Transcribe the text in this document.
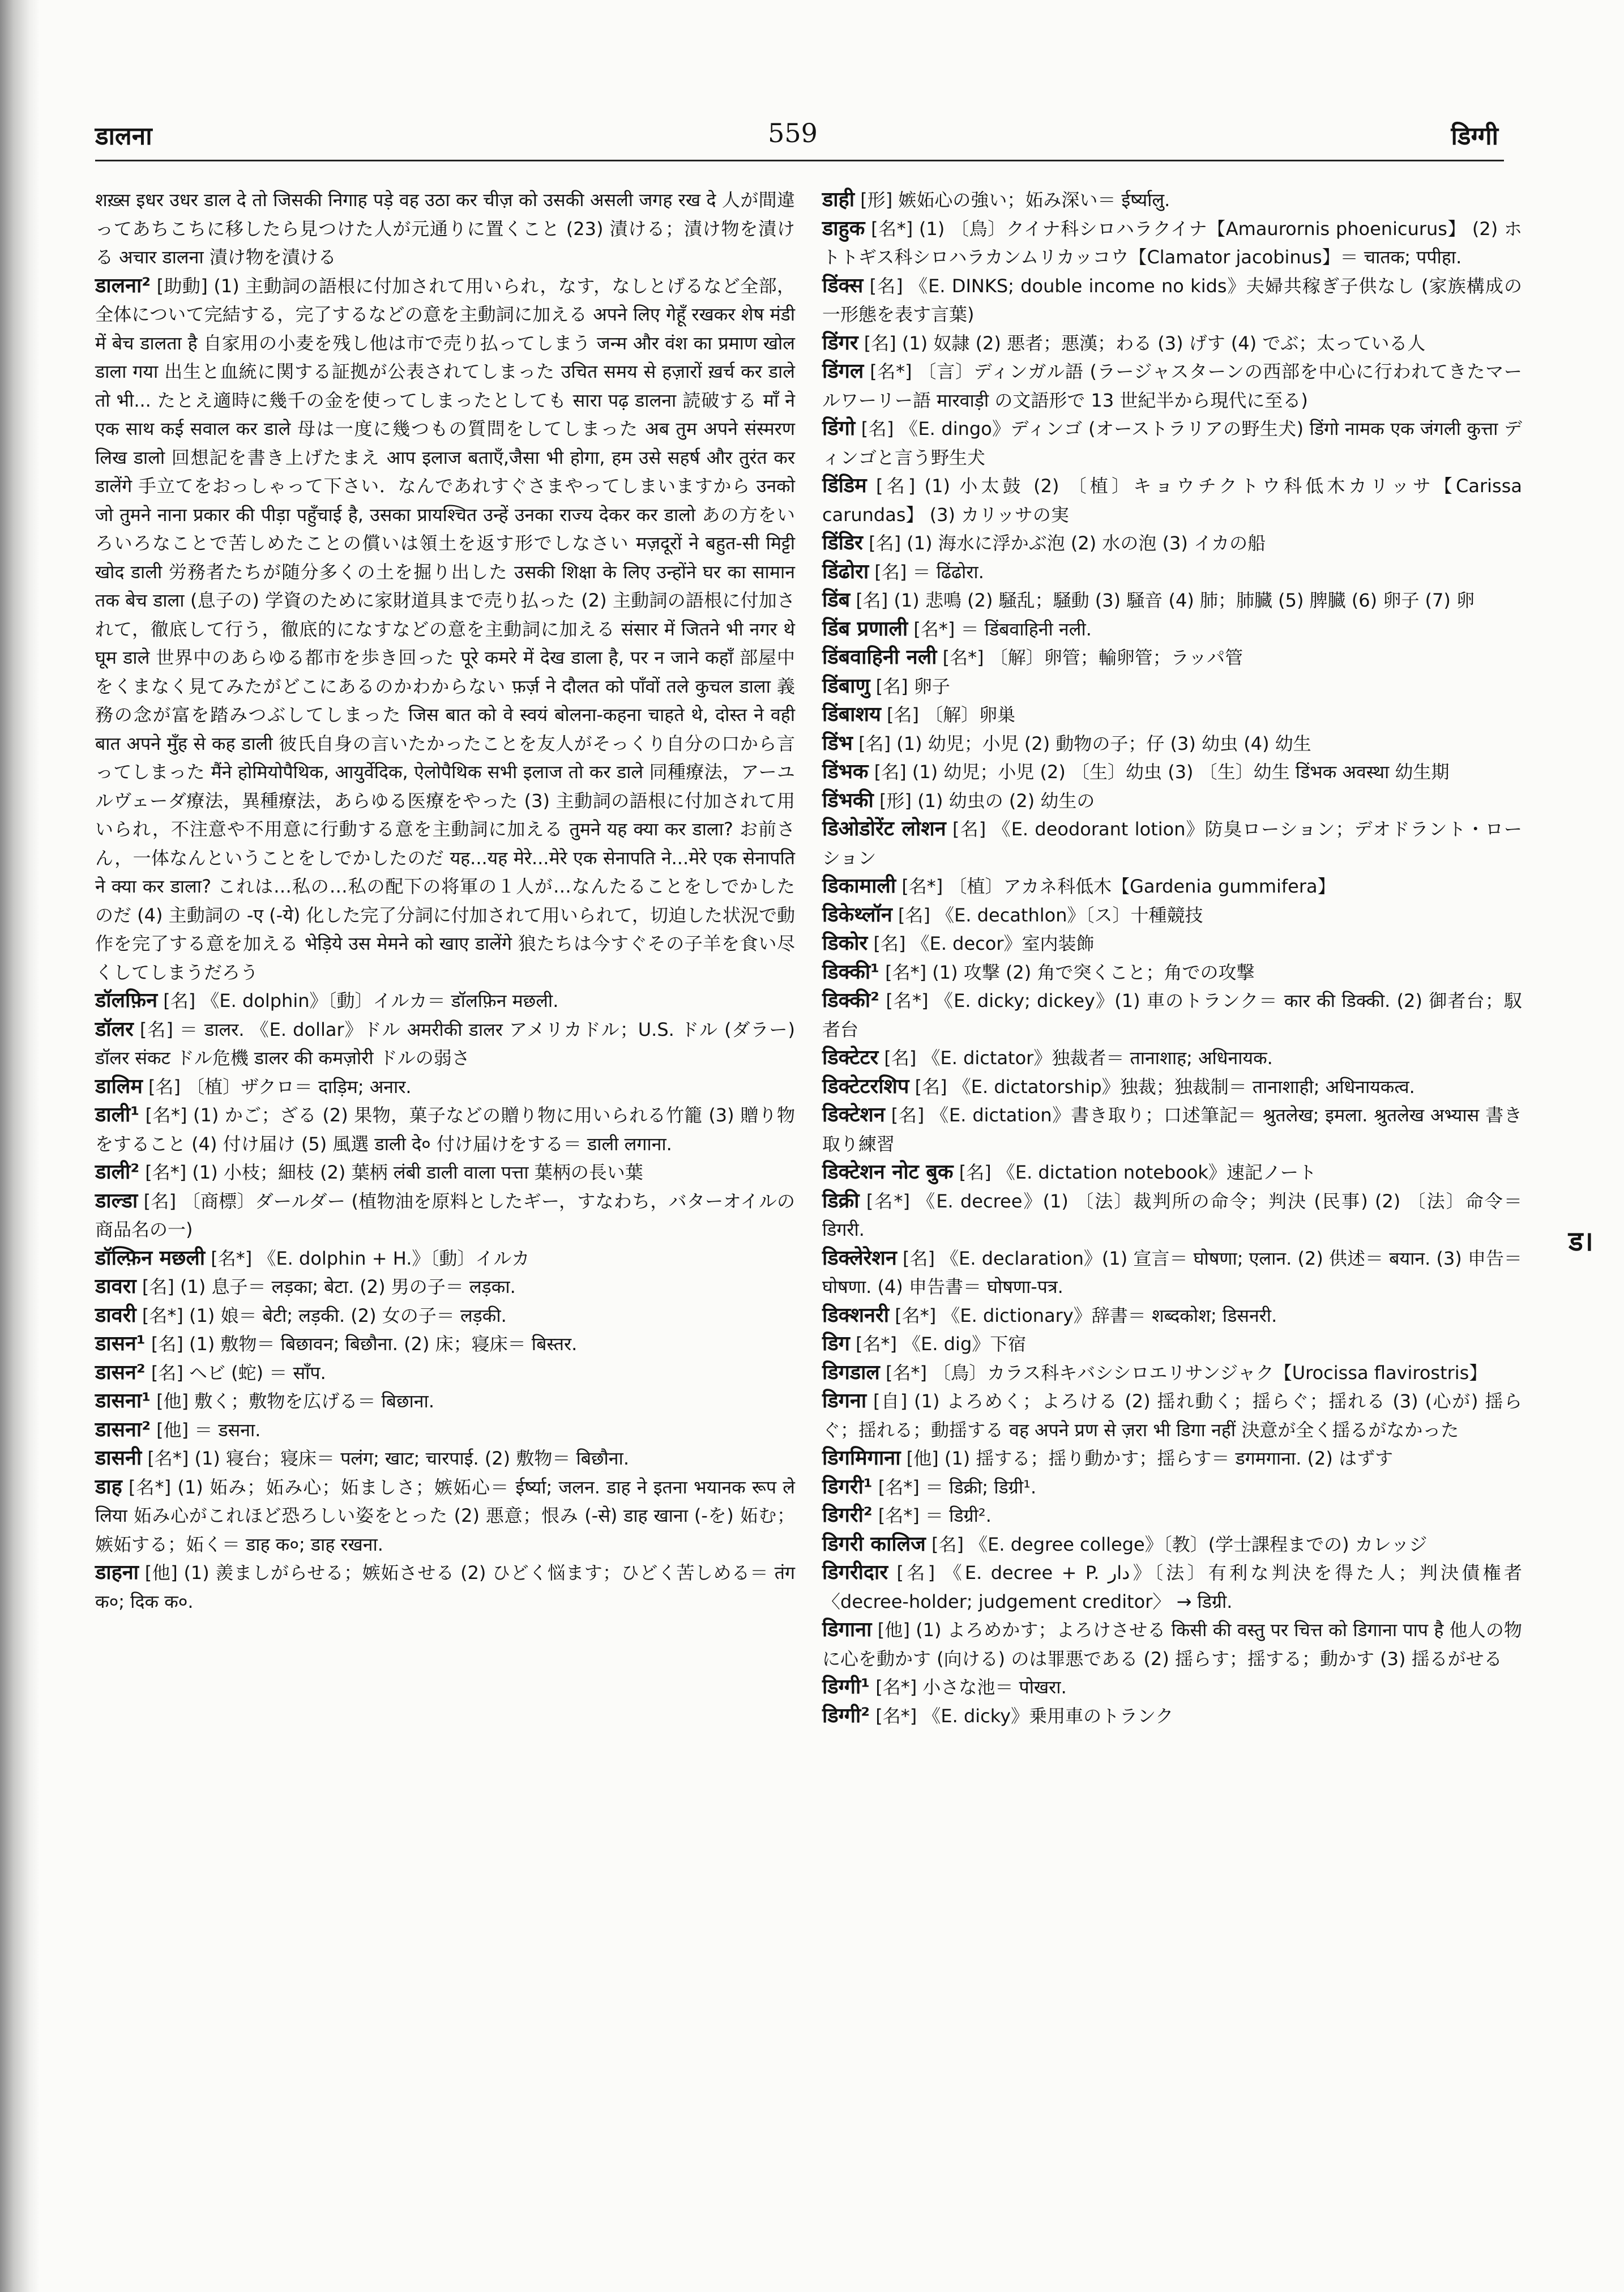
डालना	559	डिग्गी

शख़्स इधर उधर डाल दे तो जिसकी निगाह पड़े वह उठा कर चीज़ को उसकी असली जगह रख दे 人が間違ってあちこちに移したら見つけた人が元通りに置くこと (23) 漬ける；漬け物を漬ける अचार डालना 漬け物を漬ける

डालना² [助動] (1) 主動詞の語根に付加されて用いられ，なす，なしとげるなど全部，全体について完結する，完了するなどの意を主動詞に加える अपने लिए गेहूँ रखकर शेष मंडी में बेच डालता है 自家用の小麦を残し他は市で売り払ってしまう जन्म और वंश का प्रमाण खोल डाला गया 出生と血統に関する証拠が公表されてしまった उचित समय से हज़ारों ख़र्च कर डाले तो भी... たとえ適時に幾千の金を使ってしまったとしても सारा पढ़ डालना 読破する माँ ने एक साथ कई सवाल कर डाले 母は一度に幾つもの質問をしてしまった अब तुम अपने संस्मरण लिख डालो 回想記を書き上げたまえ आप इलाज बताएँ,जैसा भी होगा, हम उसे सहर्ष और तुरंत कर डालेंगे 手立てをおっしゃって下さい．なんであれすぐさまやってしまいますから उनको जो तुमने नाना प्रकार की पीड़ा पहुँचाई है, उसका प्रायश्चित उन्हें उनका राज्य देकर कर डालो あの方をいろいろなことで苦しめたことの償いは領土を返す形でしなさい मज़दूरों ने बहुत-सी मिट्टी खोद डाली 労務者たちが随分多くの土を掘り出した उसकी शिक्षा के लिए उन्होंने घर का सामान तक बेच डाला (息子の) 学資のために家財道具まで売り払った (2) 主動詞の語根に付加されて，徹底して行う，徹底的になすなどの意を主動詞に加える संसार में जितने भी नगर थे घूम डाले 世界中のあらゆる都市を歩き回った पूरे कमरे में देख डाला है, पर न जाने कहाँ 部屋中をくまなく見てみたがどこにあるのかわからない फ़र्ज़ ने दौलत को पाँवों तले कुचल डाला 義務の念が富を踏みつぶしてしまった जिस बात को वे स्वयं बोलना-कहना चाहते थे, दोस्त ने वही बात अपने मुँह से कह डाली 彼氏自身の言いたかったことを友人がそっくり自分の口から言ってしまった मैंने होमियोपैथिक, आयुर्वेदिक, ऐलोपैथिक सभी इलाज तो कर डाले 同種療法，アーユルヴェーダ療法，異種療法，あらゆる医療をやった (3) 主動詞の語根に付加されて用いられ，不注意や不用意に行動する意を主動詞に加える तुमने यह क्या कर डाला? お前さん，一体なんということをしでかしたのだ यह...यह मेरे...मेरे एक सेनापति ने...मेरे एक सेनापति ने क्या कर डाला? これは…私の…私の配下の将軍の１人が…なんたることをしでかしたのだ (4) 主動詞の -ए (-ये) 化した完了分詞に付加されて用いられて，切迫した状況で動作を完了する意を加える भेड़िये उस मेमने को खाए डालेंगे 狼たちは今すぐその子羊を食い尽くしてしまうだろう

डॉलफ़िन [名] 《E. dolphin》〔動〕イルカ＝ डॉलफ़िन मछली.

डॉलर [名] ＝ डालर. 《E. dollar》ドル अमरीकी डालर アメリカドル；U.S. ドル (ダラー) डॉलर संकट ドル危機 डालर की कमज़ोरी ドルの弱さ

डालिम [名] 〔植〕ザクロ＝ दाड़िम; अनार.

डाली¹ [名*] (1) かご；ざる (2) 果物，菓子などの贈り物に用いられる竹籠 (3) 贈り物をすること (4) 付け届け (5) 風選 डाली दे० 付け届けをする＝ डाली लगाना.

डाली² [名*] (1) 小枝；細枝 (2) 葉柄 लंबी डाली वाला पत्ता 葉柄の長い葉

डाल्डा [名] 〔商標〕ダールダー (植物油を原料としたギー，すなわち，バターオイルの商品名の一)

डॉल्फ़िन मछली [名*] 《E. dolphin + H.》〔動〕イルカ

डावरा [名] (1) 息子＝ लड़का; बेटा. (2) 男の子＝ लड़का.

डावरी [名*] (1) 娘＝ बेटी; लड़की. (2) 女の子＝ लड़की.

डासन¹ [名] (1) 敷物＝ बिछावन; बिछौना. (2) 床；寝床＝ बिस्तर.

डासन² [名] ヘビ (蛇) ＝ साँप.

डासना¹ [他] 敷く；敷物を広げる＝ बिछाना.

डासना² [他] ＝ डसना.

डासनी [名*] (1) 寝台；寝床＝ पलंग; खाट; चारपाई. (2) 敷物＝ बिछौना.

डाह [名*] (1) 妬み；妬み心；妬ましさ；嫉妬心＝ ईर्ष्या; जलन. डाह ने इतना भयानक रूप ले लिया 妬み心がこれほど恐ろしい姿をとった (2) 悪意；恨み (-से) डाह खाना (-を) 妬む；嫉妬する；妬く＝ डाह क०; डाह रखना.

डाहना [他] (1) 羨ましがらせる；嫉妬させる (2) ひどく悩ます；ひどく苦しめる＝ तंग क०; दिक क०.

डाही [形] 嫉妬心の強い；妬み深い＝ ईर्ष्यालु.

डाहुक [名*] (1) 〔鳥〕クイナ科シロハラクイナ【Amaurornis phoenicurus】 (2) ホトトギス科シロハラカンムリカッコウ【Clamator jacobinus】＝ चातक; पपीहा.

डिंक्स [名] 《E. DINKS; double income no kids》夫婦共稼ぎ子供なし (家族構成の一形態を表す言葉)

डिंगर [名] (1) 奴隷 (2) 悪者；悪漢；わる (3) げす (4) でぶ；太っている人

डिंगल [名*] 〔言〕ディンガル語 (ラージャスターンの西部を中心に行われてきたマールワーリー語 मारवाड़ी の文語形で 13 世紀半から現代に至る)

डिंगो [名] 《E. dingo》ディンゴ (オーストラリアの野生犬) डिंगो नामक एक जंगली कुत्ता ディンゴと言う野生犬

डिंडिम [名] (1) 小太鼓 (2) 〔植〕キョウチクトウ科低木カリッサ【Carissa carundas】 (3) カリッサの実

डिंडिर [名] (1) 海水に浮かぶ泡 (2) 水の泡 (3) イカの船

डिंढोरा [名] ＝ ढिंढोरा.

डिंब [名] (1) 悲鳴 (2) 騒乱；騒動 (3) 騒音 (4) 肺；肺臓 (5) 脾臓 (6) 卵子 (7) 卵

डिंब प्रणाली [名*] ＝ डिंबवाहिनी नली.

डिंबवाहिनी नली [名*] 〔解〕卵管；輸卵管；ラッパ管

डिंबाणु [名] 卵子

डिंबाशय [名] 〔解〕卵巣

डिंभ [名] (1) 幼児；小児 (2) 動物の子；仔 (3) 幼虫 (4) 幼生

डिंभक [名] (1) 幼児；小児 (2) 〔生〕幼虫 (3) 〔生〕幼生 डिंभक अवस्था 幼生期

डिंभकी [形] (1) 幼虫の (2) 幼生の

डिओडोरेंट लोशन [名] 《E. deodorant lotion》防臭ローション；デオドラント・ローション

डिकामाली [名*] 〔植〕アカネ科低木【Gardenia gummifera】

डिकेथ्लॉन [名] 《E. decathlon》〔ス〕十種競技

डिकोर [名] 《E. decor》室内装飾

डिक्की¹ [名*] (1) 攻撃 (2) 角で突くこと；角での攻撃

डिक्की² [名*] 《E. dicky; dickey》(1) 車のトランク＝ कार की डिक्की. (2) 御者台；馭者台

डिक्टेटर [名] 《E. dictator》独裁者＝ तानाशाह; अधिनायक.

डिक्टेटरशिप [名] 《E. dictatorship》独裁；独裁制＝ तानाशाही; अधिनायकत्व.

डिक्टेशन [名] 《E. dictation》書き取り；口述筆記＝ श्रुतलेख; इमला. श्रुतलेख अभ्यास 書き取り練習

डिक्टेशन नोट बुक [名] 《E. dictation notebook》速記ノート

डिक्री [名*] 《E. decree》(1) 〔法〕裁判所の命令；判決 (民事) (2) 〔法〕命令＝ डिगरी.

डिक्लेरेशन [名] 《E. declaration》(1) 宣言＝ घोषणा; एलान. (2) 供述＝ बयान. (3) 申告＝ घोषणा. (4) 申告書＝ घोषणा-पत्र.

डिक्शनरी [名*] 《E. dictionary》辞書＝ शब्दकोश; डिसनरी.

डिग [名*] 《E. dig》下宿

डिगडाल [名*] 〔鳥〕カラス科キバシシロエリサンジャク【Urocissa flavirostris】

डिगना [自] (1) よろめく；よろける (2) 揺れ動く；揺らぐ；揺れる (3) (心が) 揺らぐ；揺れる；動揺する वह अपने प्रण से ज़रा भी डिगा नहीं 決意が全く揺るがなかった

डिगमिगाना [他] (1) 揺する；揺り動かす；揺らす＝ डगमगाना. (2) はずす

डिगरी¹ [名*] ＝ डिक्री; डिग्री¹.

डिगरी² [名*] ＝ डिग्री².

डिगरी कालिज [名] 《E. degree college》〔教〕(学士課程までの) カレッジ

डिगरीदार [名] 《E. decree + P. دار》〔法〕有利な判決を得た人；判決債権者 〈decree-holder; judgement creditor〉 → डिग्री.

डिगाना [他] (1) よろめかす；よろけさせる किसी की वस्तु पर चित्त को डिगाना पाप है 他人の物に心を動かす (向ける) のは罪悪である (2) 揺らす；揺する；動かす (3) 揺るがせる

डिग्गी¹ [名*] 小さな池＝ पोखरा.

डिग्गी² [名*] 《E. dicky》乗用車のトランク

ड।
